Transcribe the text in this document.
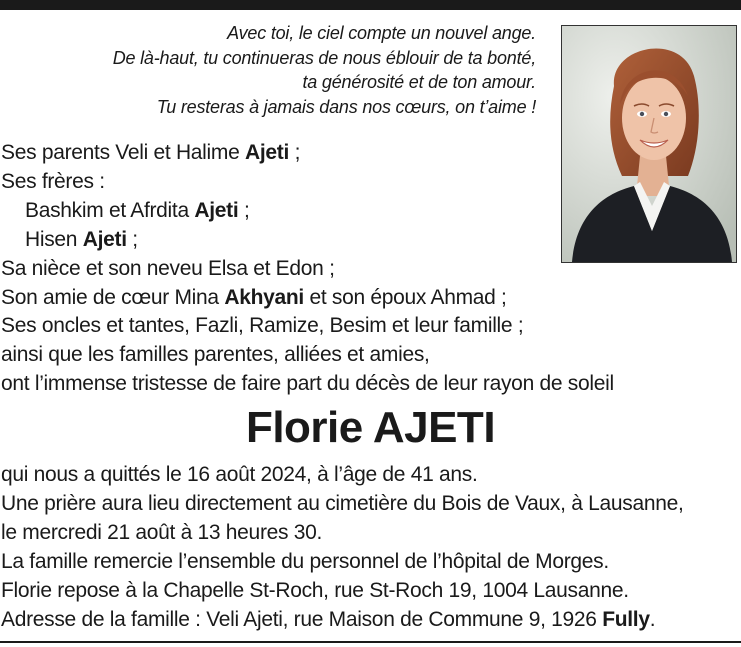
Avec toi, le ciel compte un nouvel ange.
De là-haut, tu continueras de nous éblouir de ta bonté,
ta générosité et de ton amour.
Tu resteras à jamais dans nos cœurs, on t’aime !
Ses parents Veli et Halime Ajeti ;
Ses frères :
Bashkim et Afrdita Ajeti ;
Hisen Ajeti ;
Sa nièce et son neveu Elsa et Edon ;
Son amie de cœur Mina Akhyani et son époux Ahmad ;
Ses oncles et tantes, Fazli, Ramize, Besim et leur famille ;
ainsi que les familles parentes, alliées et amies,
ont l’immense tristesse de faire part du décès de leur rayon de soleil
Florie AJETI
qui nous a quittés le 16 août 2024, à l’âge de 41 ans.
Une prière aura lieu directement au cimetière du Bois de Vaux, à Lausanne,
le mercredi 21 août à 13 heures 30.
La famille remercie l’ensemble du personnel de l’hôpital de Morges.
Florie repose à la Chapelle St-Roch, rue St-Roch 19, 1004 Lausanne.
Adresse de la famille : Veli Ajeti, rue Maison de Commune 9, 1926 Fully.
